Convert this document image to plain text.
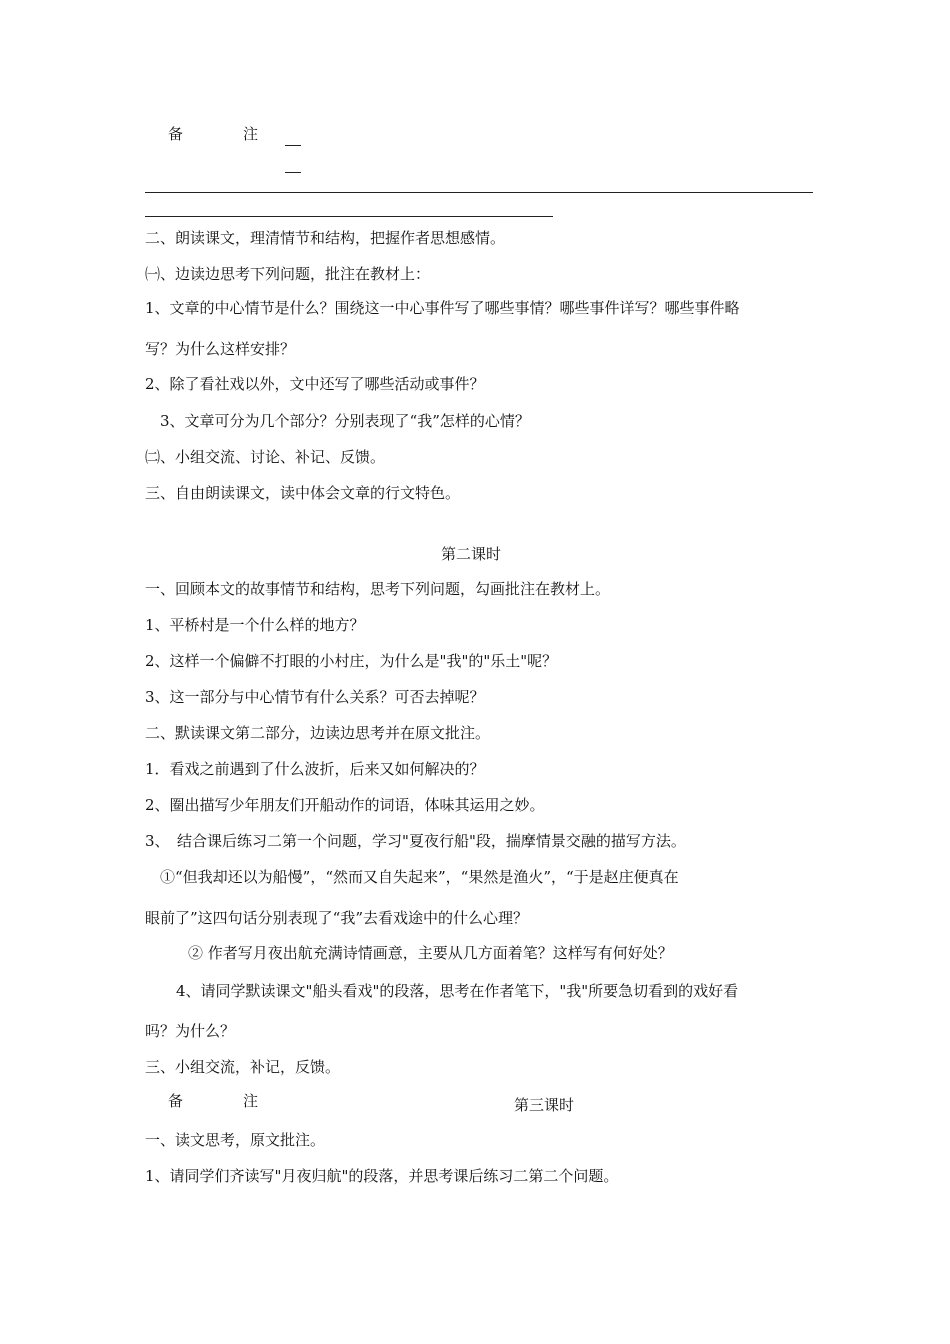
备	注
二、朗读课文，理清情节和结构，把握作者思想感情。
㈠、边读边思考下列问题，批注在教材上：
1、文章的中心情节是什么？围绕这一中心事件写了哪些事情？哪些事件详写？哪些事件略
写？为什么这样安排？
2、除了看社戏以外，文中还写了哪些活动或事件？
3、文章可分为几个部分？分别表现了“我”怎样的心情？
㈡、小组交流、讨论、补记、反馈。
三、自由朗读课文，读中体会文章的行文特色。
第二课时
一、回顾本文的故事情节和结构，思考下列问题，勾画批注在教材上。
1、平桥村是一个什么样的地方？
2、这样一个偏僻不打眼的小村庄，为什么是"我"的"乐土"呢？
3、这一部分与中心情节有什么关系？可否去掉呢？
二、默读课文第二部分，边读边思考并在原文批注。
1．看戏之前遇到了什么波折，后来又如何解决的？
2、圈出描写少年朋友们开船动作的词语，体味其运用之妙。
3、　结合课后练习二第一个问题，学习"夏夜行船"段，揣摩情景交融的描写方法。
①“但我却还以为船慢”，“然而又自失起来”，“果然是渔火”，“于是赵庄便真在
眼前了”这四句话分别表现了“我”去看戏途中的什么心理？
② 作者写月夜出航充满诗情画意，主要从几方面着笔？这样写有何好处？
4、请同学默读课文"船头看戏"的段落，思考在作者笔下，"我"所要急切看到的戏好看
吗？为什么？
三、小组交流，补记，反馈。
备	注	第三课时
一、读文思考，原文批注。
1、请同学们齐读写"月夜归航"的段落，并思考课后练习二第二个问题。
